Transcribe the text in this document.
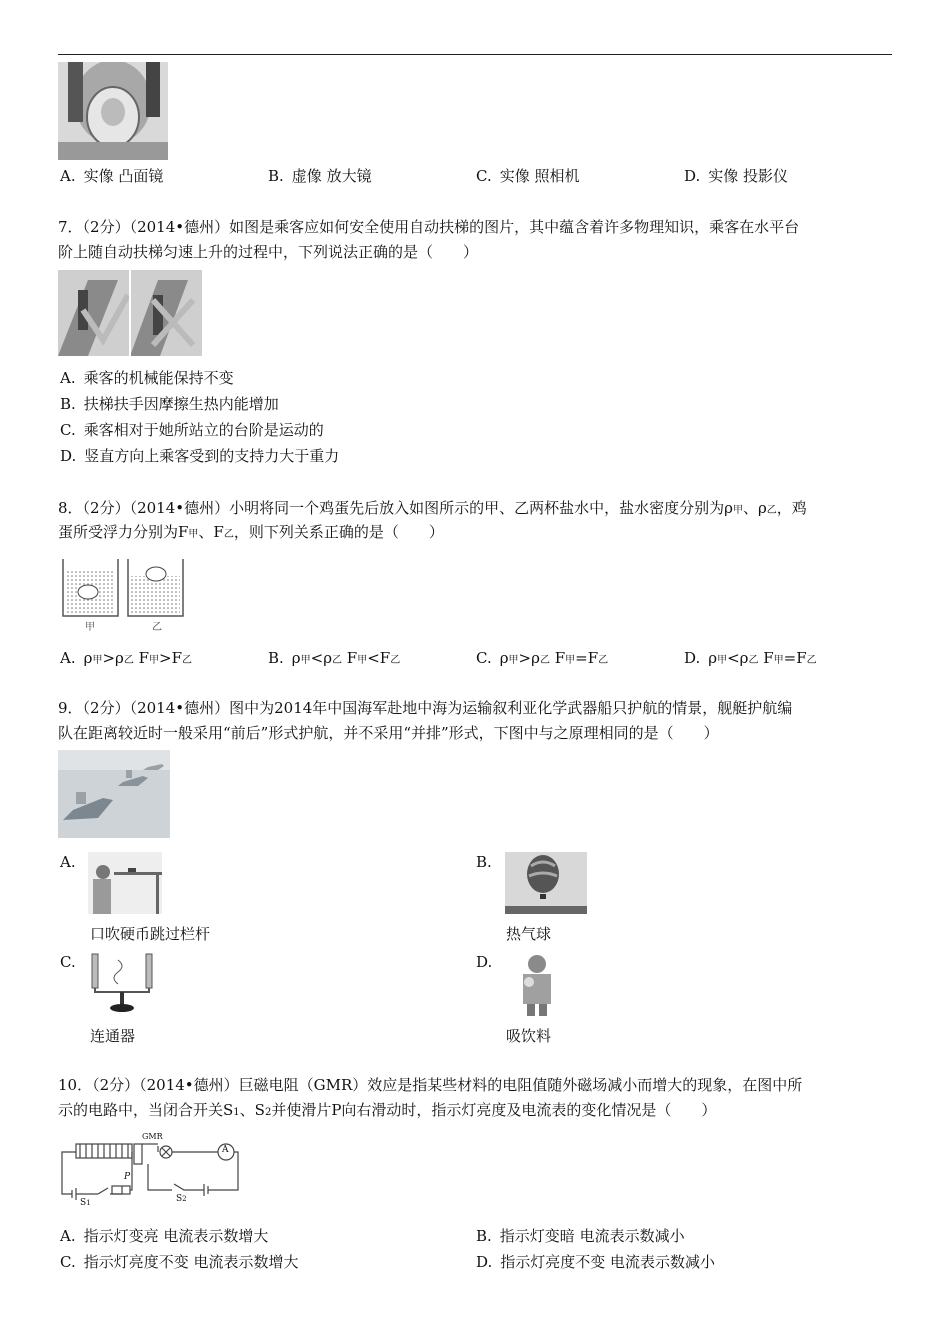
A. 实像 凸面镜	B. 虚像 放大镜	C. 实像 照相机	D. 实像 投影仪
7．（2分）（2014•德州）如图是乘客应如何安全使用自动扶梯的图片，其中蕴含着许多物理知识，乘客在水平台
阶上随自动扶梯匀速上升的过程中，下列说法正确的是（　　）
A. 乘客的机械能保持不变
B. 扶梯扶手因摩擦生热内能增加
C. 乘客相对于她所站立的台阶是运动的
D. 竖直方向上乘客受到的支持力大于重力
8．（2分）（2014•德州）小明将同一个鸡蛋先后放入如图所示的甲、乙两杯盐水中，盐水密度分别为ρ甲、ρ乙，鸡
蛋所受浮力分别为F甲、F乙，则下列关系正确的是（　　）
甲	乙
A. ρ甲>ρ乙 F甲>F乙	B. ρ甲<ρ乙 F甲<F乙	C. ρ甲>ρ乙 F甲=F乙	D. ρ甲<ρ乙 F甲=F乙
9．（2分）（2014•德州）图中为2014年中国海军赴地中海为运输叙利亚化学武器船只护航的情景，舰艇护航编
队在距离较近时一般采用“前后”形式护航，并不采用“并排”形式，下图中与之原理相同的是（　　）
A.
口吹硬币跳过栏杆
B.
热气球
C.
连通器
D.
吸饮料
10．（2分）（2014•德州）巨磁电阻（GMR）效应是指某些材料的电阻值随外磁场减小而增大的现象，在图中所
示的电路中，当闭合开关S1、S2并使滑片P向右滑动时，指示灯亮度及电流表的变化情况是（　　）
GMR
A
P
S1	S2
A. 指示灯变亮 电流表示数增大	B. 指示灯变暗 电流表示数减小
C. 指示灯亮度不变 电流表示数增大	D. 指示灯亮度不变 电流表示数减小
